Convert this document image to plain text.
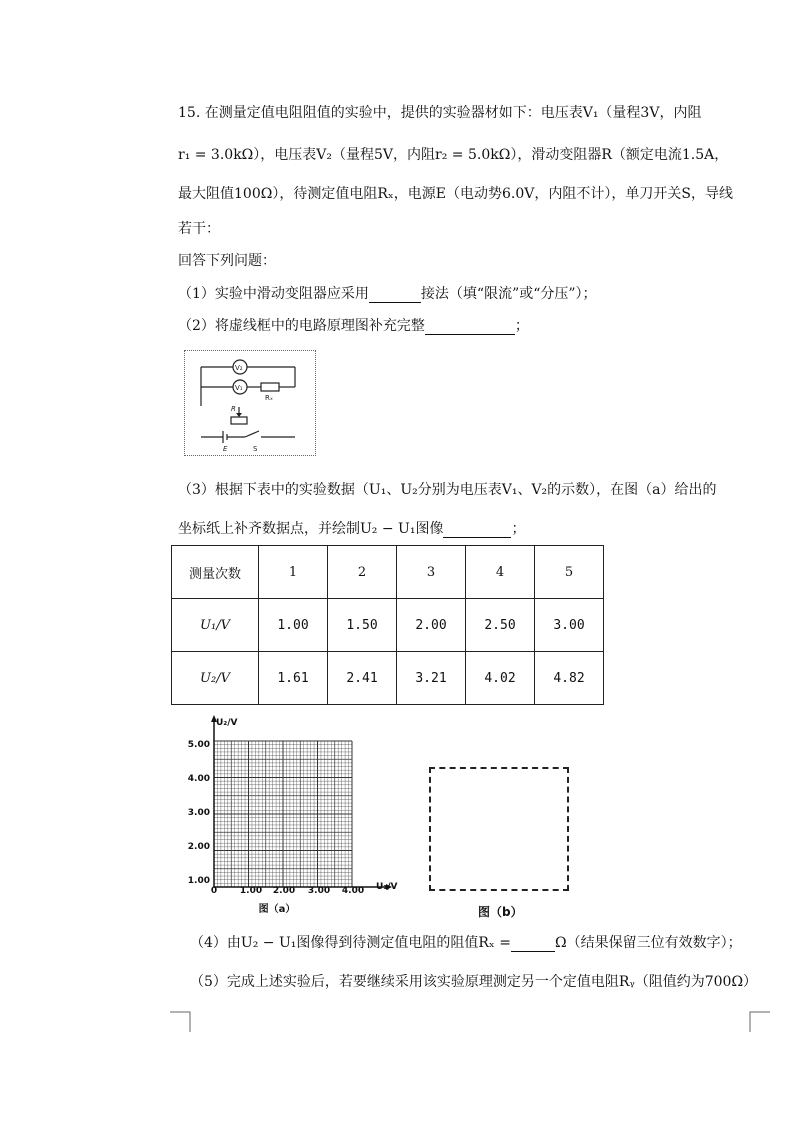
15. 在测量定值电阻阻值的实验中，提供的实验器材如下：电压表V₁（量程3V，内阻
r₁ = 3.0kΩ），电压表V₂（量程5V，内阻r₂ = 5.0kΩ），滑动变阻器R（额定电流1.5A，
最大阻值100Ω），待测定值电阻Rₓ，电源E（电动势6.0V，内阻不计），单刀开关S，导线
若干：
回答下列问题：
（1）实验中滑动变阻器应采用	接法（填“限流”或“分压”）；
（2）将虚线框中的电路原理图补充完整	；
V₂
V₁
Rₓ
R
E	S
（3）根据下表中的实验数据（U₁、U₂分别为电压表V₁、V₂的示数），在图（a）给出的
坐标纸上补齐数据点，并绘制U₂ − U₁图像	；
测量次数	1	2	3	4	5
U₁/V	1.00	1.50	2.00	2.50	3.00
U₂/V	1.61	2.41	3.21	4.02	4.82
U₂/V
U₁/V
1.00
2.00
3.00
4.00
5.00
0	1.00 2.00 3.00 4.00
图（a）	图（b）
（4）由U₂ − U₁图像得到待测定值电阻的阻值Rₓ =	Ω（结果保留三位有效数字）；
（5）完成上述实验后，若要继续采用该实验原理测定另一个定值电阻Rᵧ（阻值约为700Ω）
